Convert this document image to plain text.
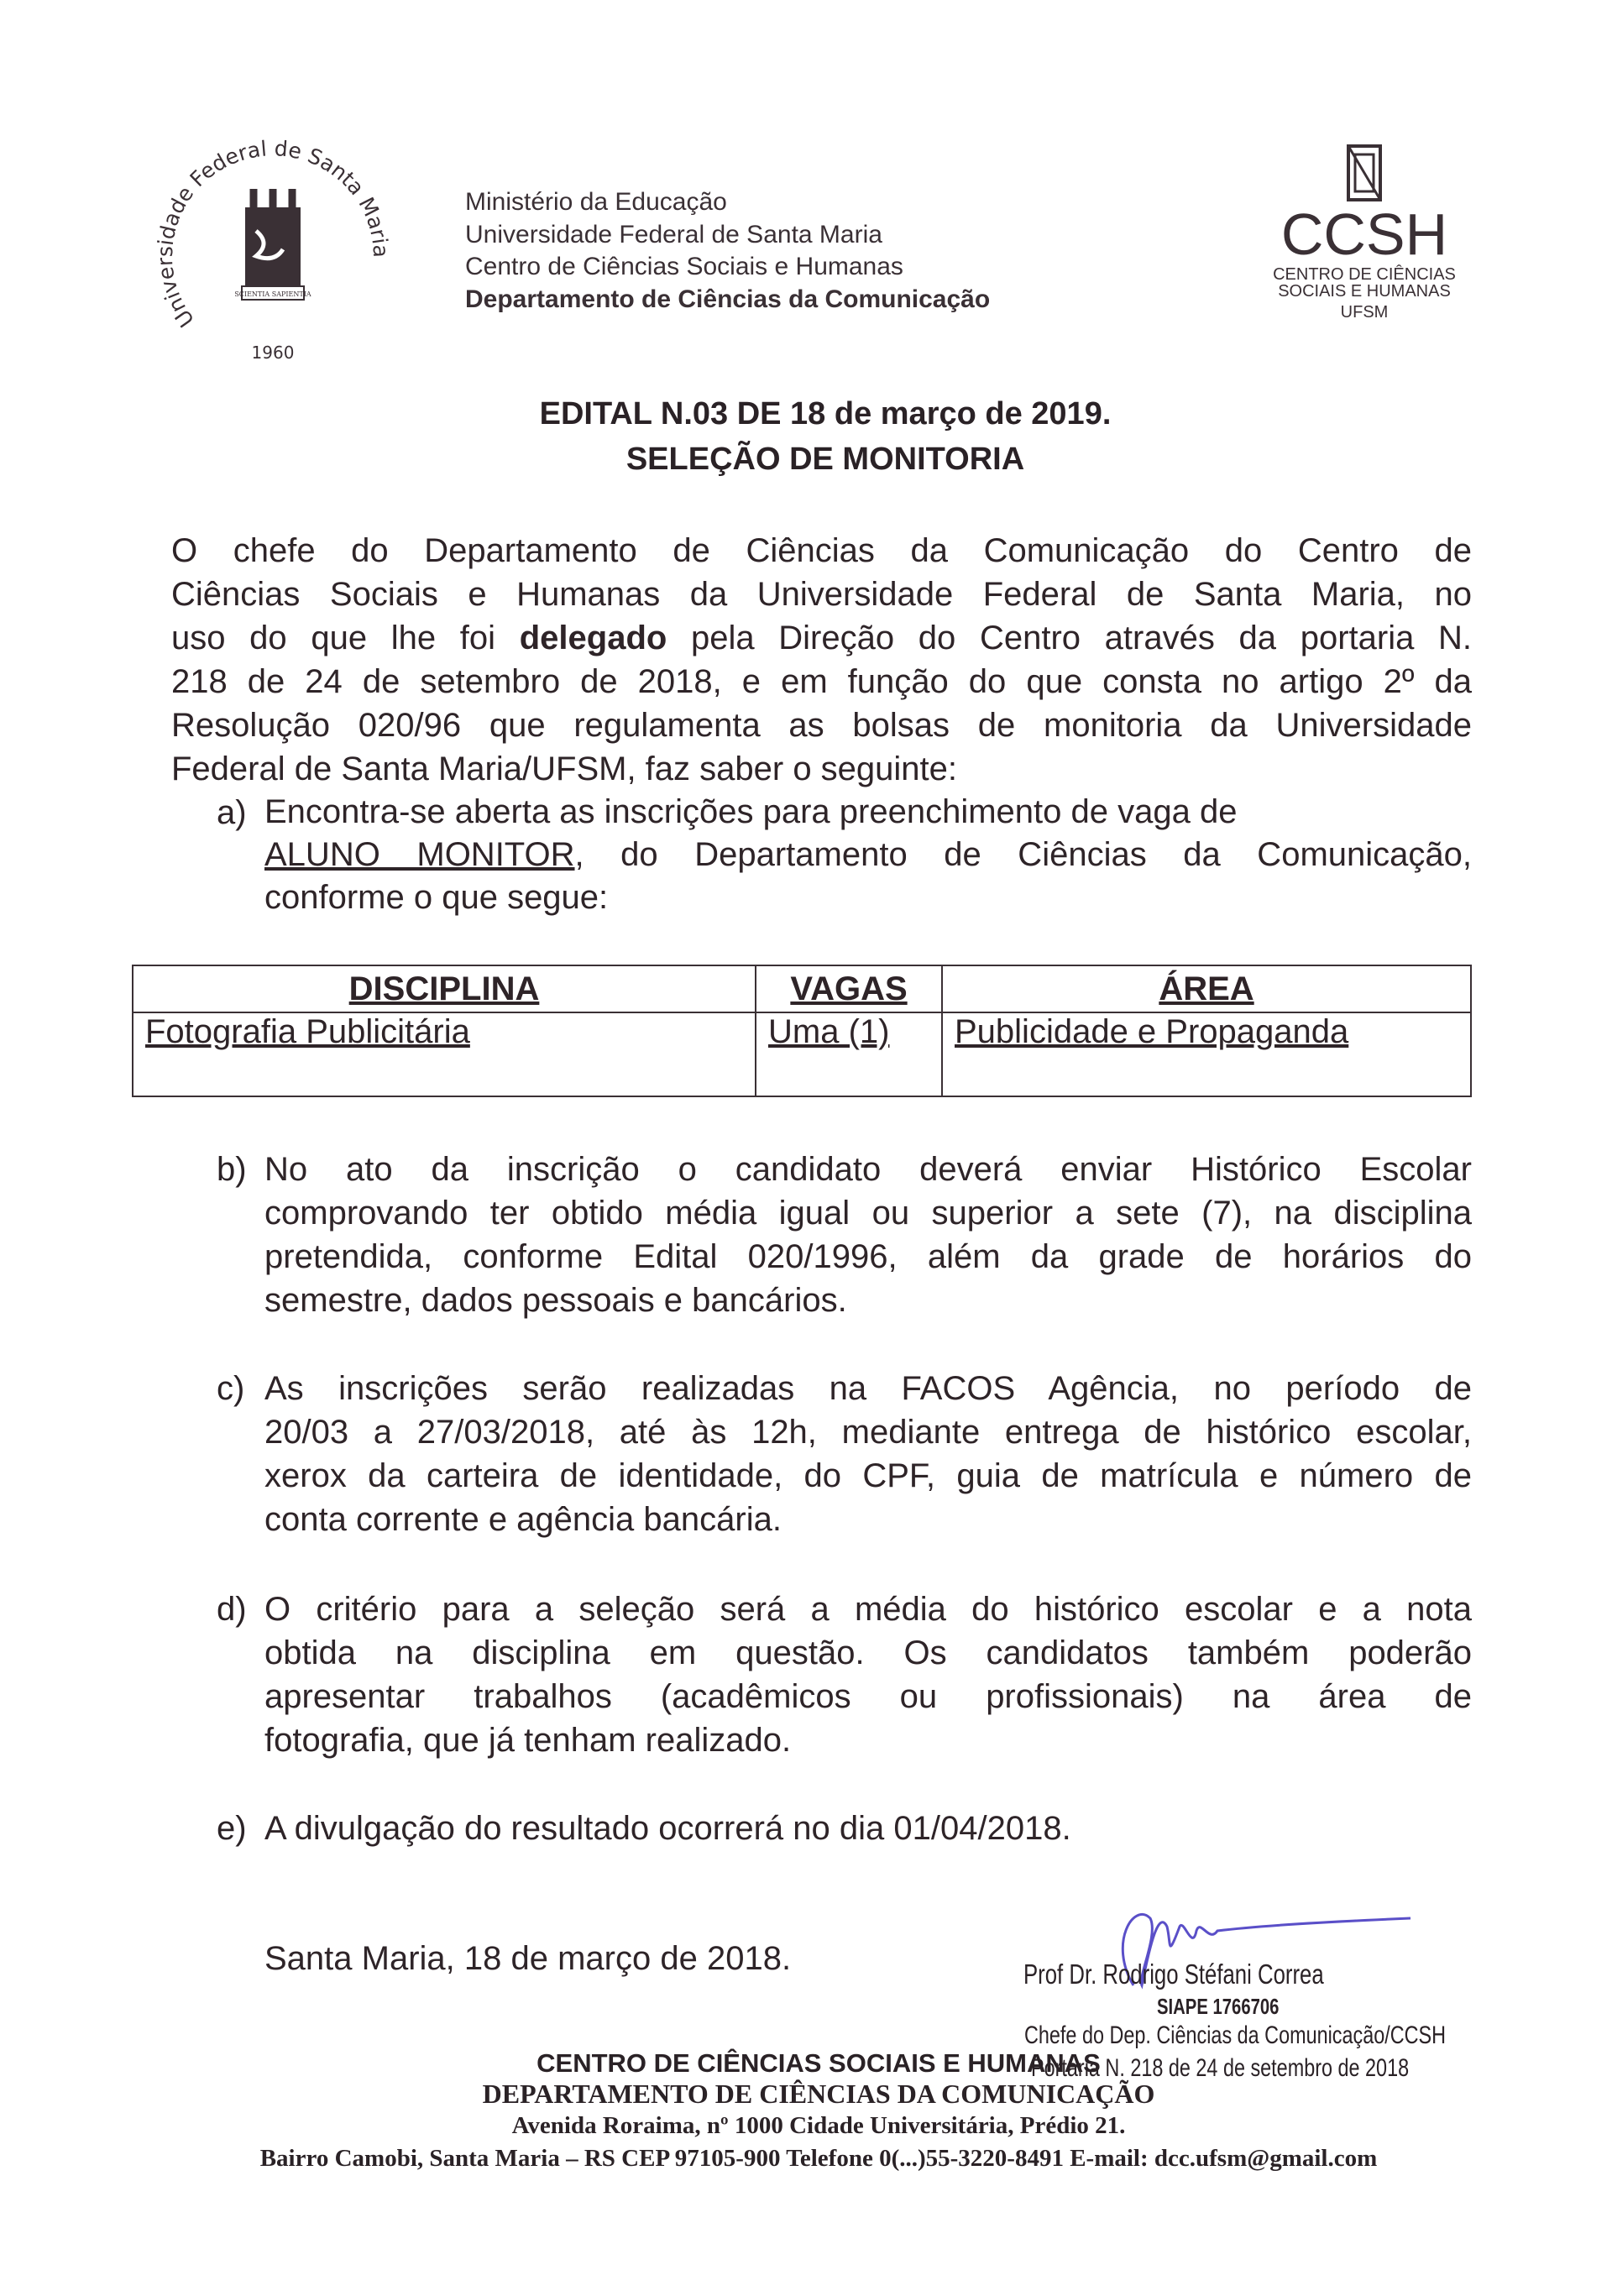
SCIENTIA SAPIENTIA
Universidade Federal de Santa Maria
1960
Ministério da Educação
Universidade Federal de Santa Maria
Centro de Ciências Sociais e Humanas
Departamento de Ciências da Comunicação
CCSH
CENTRO DE CIÊNCIAS
SOCIAIS E HUMANAS
UFSM
EDITAL N.03 DE 18 de março de 2019.
SELEÇÃO DE MONITORIA
O chefe do Departamento de Ciências da Comunicação do Centro de
Ciências Sociais e Humanas da Universidade Federal de Santa Maria, no
uso do que lhe foi delegado pela Direção do Centro através da portaria N.
218 de 24 de setembro de 2018, e em função do que consta no artigo 2º da
Resolução 020/96 que regulamenta as bolsas de monitoria da Universidade
Federal de Santa Maria/UFSM, faz saber o seguinte:
a) Encontra-se aberta as inscrições para preenchimento de vaga de
ALUNO MONITOR, do Departamento de Ciências da Comunicação,
conforme o que segue:
DISCIPLINA	VAGAS	ÁREA
Fotografia Publicitária	Uma (1)	Publicidade e Propaganda
b) No ato da inscrição o candidato deverá enviar Histórico Escolar
comprovando ter obtido média igual ou superior a sete (7), na disciplina
pretendida, conforme Edital 020/1996, além da grade de horários do
semestre, dados pessoais e bancários.
c) As inscrições serão realizadas na FACOS Agência, no período de
20/03 a 27/03/2018, até às 12h, mediante entrega de histórico escolar,
xerox da carteira de identidade, do CPF, guia de matrícula e número de
conta corrente e agência bancária.
d) O critério para a seleção será a média do histórico escolar e a nota
obtida na disciplina em questão. Os candidatos também poderão
apresentar trabalhos (acadêmicos ou profissionais) na área de
fotografia, que já tenham realizado.
e) A divulgação do resultado ocorrerá no dia 01/04/2018.
Santa Maria, 18 de março de 2018.	Prof Dr. Rodrigo Stéfani Correa
SIAPE 1766706
Chefe do Dep. Ciências da Comunicação/CCSH
Portaria N. 218 de 24 de setembro de 2018
CENTRO DE CIÊNCIAS SOCIAIS E HUMANAS
DEPARTAMENTO DE CIÊNCIAS DA COMUNICAÇÃO
Avenida Roraima, nº 1000 Cidade Universitária, Prédio 21.
Bairro Camobi, Santa Maria – RS CEP 97105-900 Telefone 0(...)55-3220-8491 E-mail: dcc.ufsm@gmail.com
